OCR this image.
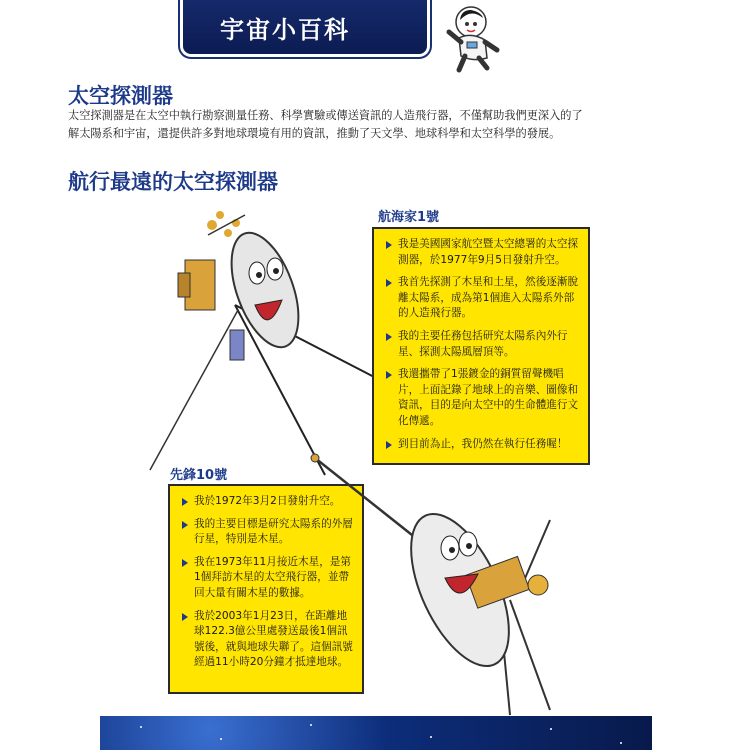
宇宙小百科
太空探測器
太空探測器是在太空中執行勘察測量任務、科學實驗或傳送資訊的人造飛行器，不僅幫助我們更深入的了解太陽系和宇宙，還提供許多對地球環境有用的資訊，推動了天文學、地球科學和太空科學的發展。
航行最遠的太空探測器
航海家1號
我是美國國家航空暨太空總署的太空探測器，於1977年9月5日發射升空。
我首先探測了木星和土星，然後逐漸脫離太陽系，成為第1個進入太陽系外部的人造飛行器。
我的主要任務包括研究太陽系內外行星、探測太陽風層頂等。
我還攜帶了1張鍍金的銅質留聲機唱片，上面記錄了地球上的音樂、圖像和資訊，目的是向太空中的生命體進行文化傳遞。
到目前為止，我仍然在執行任務喔！
先鋒10號
我於1972年3月2日發射升空。
我的主要目標是研究太陽系的外層行星，特別是木星。
我在1973年11月接近木星，是第1個拜訪木星的太空飛行器，並帶回大量有關木星的數據。
我於2003年1月23日，在距離地球122.3億公里處發送最後1個訊號後，就與地球失聯了。這個訊號經過11小時20分鐘才抵達地球。
